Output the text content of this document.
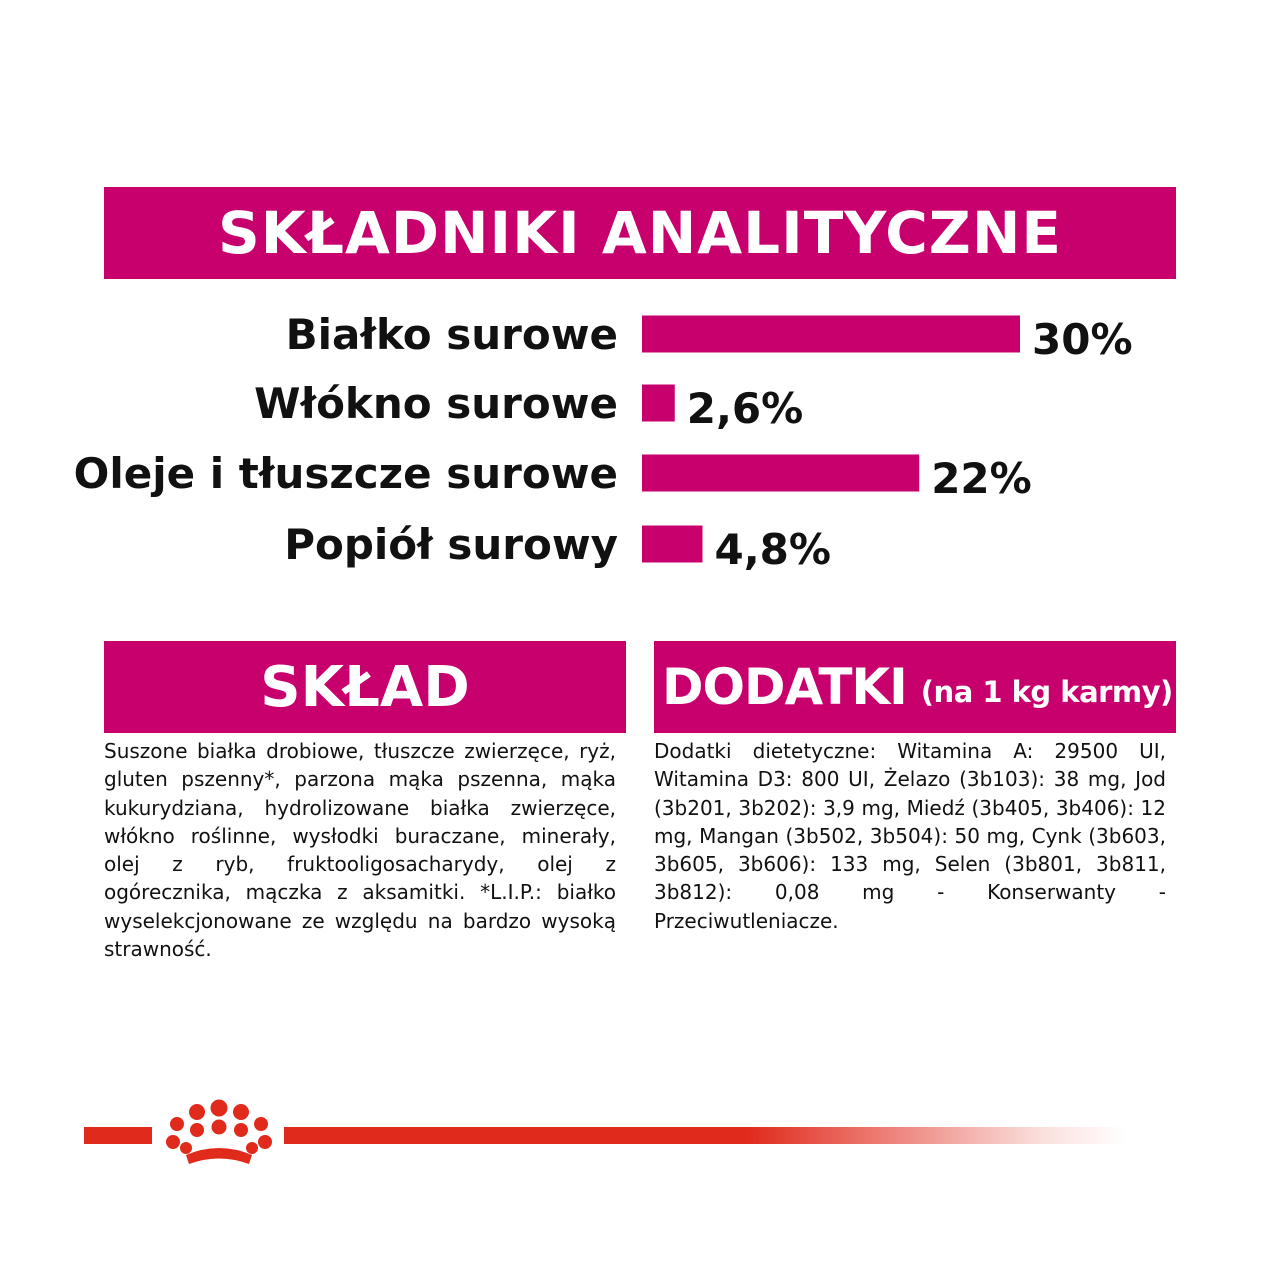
SKŁADNIKI ANALITYCZNE
Białko surowe	30%
Włókno surowe 2,6%
Oleje i tłuszcze surowe	22%
Popiół surowy 4,8%
SKŁAD

Suszone białka drobiowe, tłuszcze zwierzęce, ryż, gluten pszenny*, parzona mąka pszenna, mąka kukurydziana, hydrolizowane białka zwierzęce, włókno roślinne, wysłodki buraczane, minerały, olej z ryb, fruktooligosacharydy, olej z ogórecznika, mączka z aksamitki. *L.I.P.: białko wyselekcjonowane ze względu na bardzo wysoką strawność.

DODATKI (na 1 kg karmy)

Dodatki dietetyczne: Witamina A: 29500 UI, Witamina D3: 800 UI, Żelazo (3b103): 38 mg, Jod (3b201, 3b202): 3,9 mg, Miedź (3b405, 3b406): 12 mg, Mangan (3b502, 3b504): 50 mg, Cynk (3b603, 3b605, 3b606): 133 mg, Selen (3b801, 3b811, 3b812): 0,08 mg - Konserwanty - Przeciwutleniacze.
